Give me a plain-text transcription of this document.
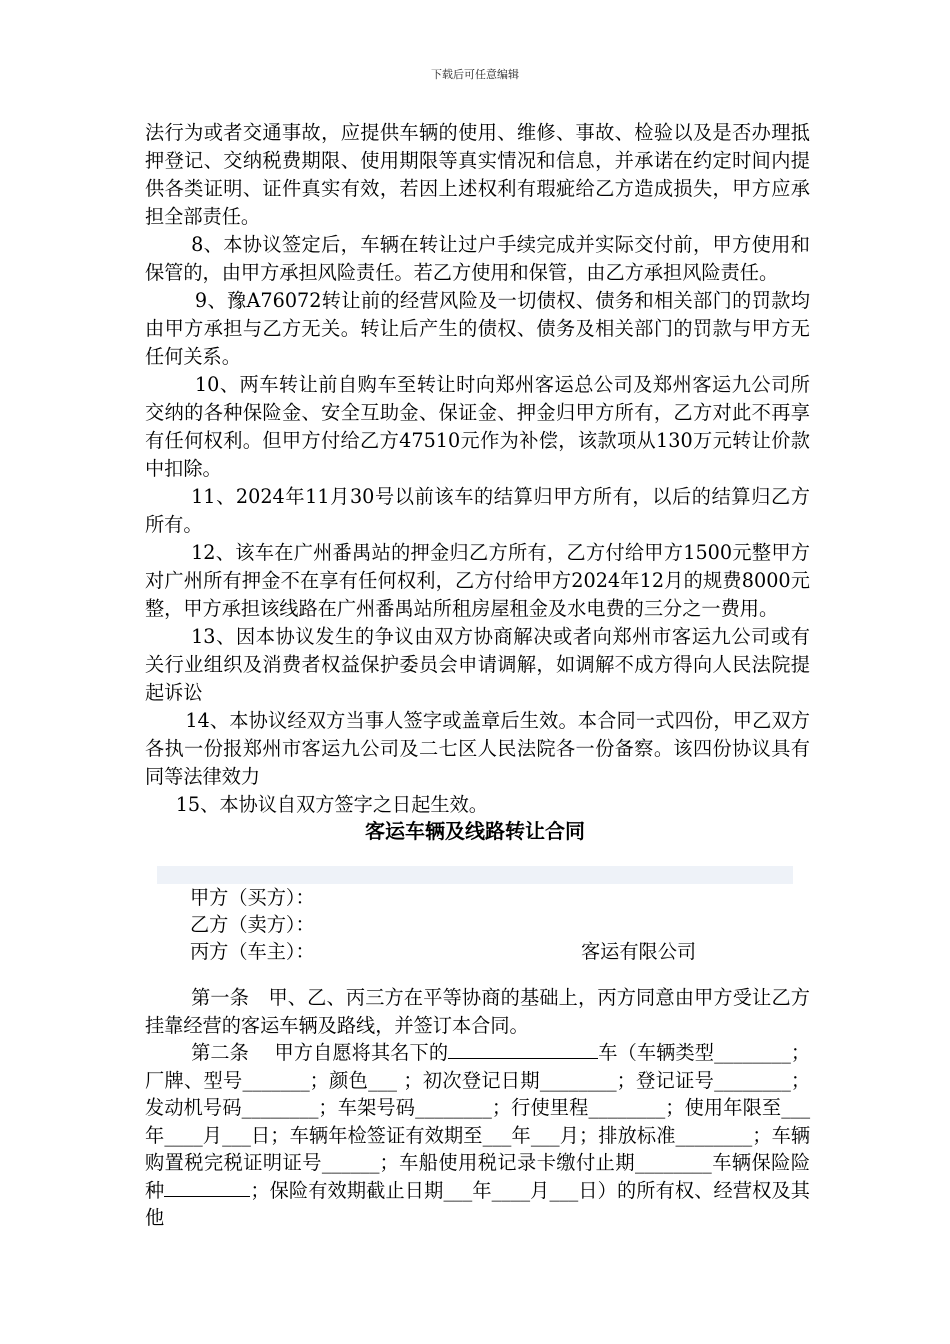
下载后可任意编辑

法行为或者交通事故，应提供车辆的使用、维修、事故、检验以及是否办理抵押登记、交纳税费期限、使用期限等真实情况和信息，并承诺在约定时间内提供各类证明、证件真实有效，若因上述权利有瑕疵给乙方造成损失，甲方应承担全部责任。

8、本协议签定后，车辆在转让过户手续完成并实际交付前，甲方使用和保管的，由甲方承担风险责任。若乙方使用和保管，由乙方承担风险责任。

9、豫A76072转让前的经营风险及一切债权、债务和相关部门的罚款均由甲方承担与乙方无关。转让后产生的债权、债务及相关部门的罚款与甲方无任何关系。

10、两车转让前自购车至转让时向郑州客运总公司及郑州客运九公司所交纳的各种保险金、安全互助金、保证金、押金归甲方所有，乙方对此不再享有任何权利。但甲方付给乙方47510元作为补偿，该款项从130万元转让价款中扣除。

11、2024年11月30号以前该车的结算归甲方所有，以后的结算归乙方所有。

12、该车在广州番禺站的押金归乙方所有，乙方付给甲方1500元整甲方对广州所有押金不在享有任何权利，乙方付给甲方2024年12月的规费8000元整，甲方承担该线路在广州番禺站所租房屋租金及水电费的三分之一费用。

13、因本协议发生的争议由双方协商解决或者向郑州市客运九公司或有关行业组织及消费者权益保护委员会申请调解，如调解不成方得向人民法院提起诉讼

14、本协议经双方当事人签字或盖章后生效。本合同一式四份，甲乙双方各执一份报郑州市客运九公司及二七区人民法院各一份备察。该四份协议具有同等法律效力

15、本协议自双方签字之日起生效。

客运车辆及线路转让合同
甲方（买方）：
乙方（卖方）：
丙方（车主）：	客运有限公司

第一条　甲、乙、丙三方在平等协商的基础上，丙方同意由甲方受让乙方挂靠经营的客运车辆及路线，并签订本合同。

第二条　 甲方自愿将其名下的	车（车辆类型________；厂牌、型号_______；颜色___ ；初次登记日期________；登记证号________；发动机号码________；车架号码________；行使里程________；使用年限至___年____月___日；车辆年检签证有效期至___年___月；排放标准________；车辆购置税完税证明证号______；车船使用税记录卡缴付止期________车辆保险险种	；保险有效期截止日期___年____月___日）的所有权、经营权及其他
